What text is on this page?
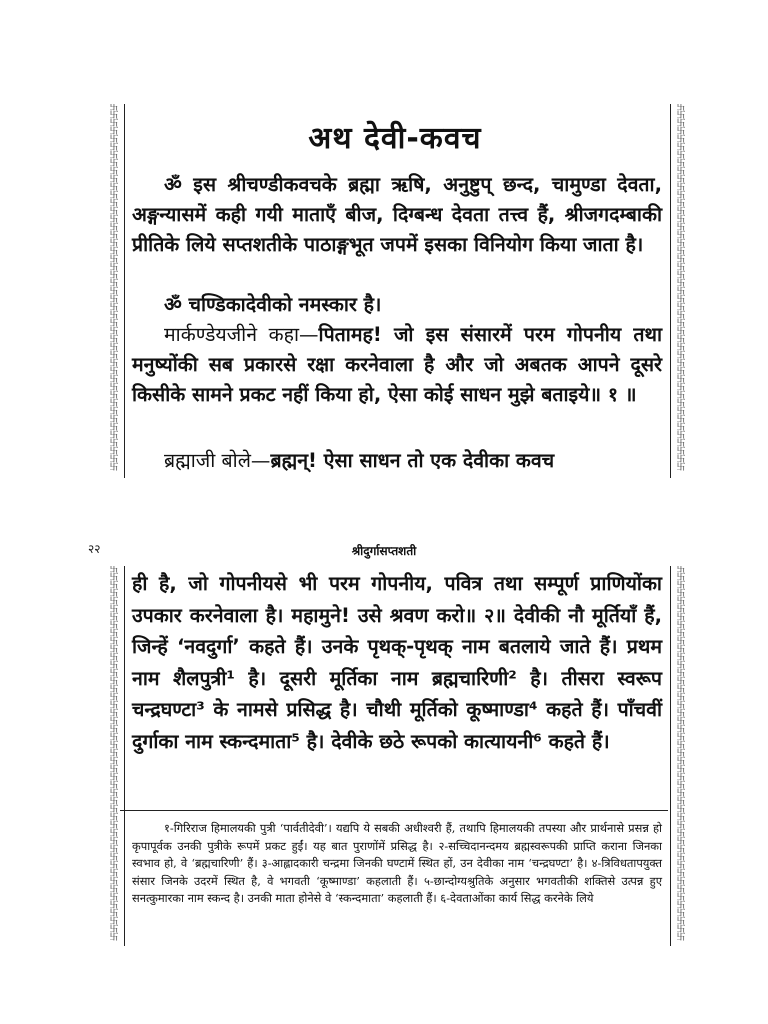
卐
卐
卐
卐
卐
卐
卐
卐
卐
卐
卐
卐
卐
卐
卐
卐
卐
卐
卐
卐
卐
卐
卐
卐
卐
卐
卐
卐
卐
卐
卐
卐
卐
卐
卐
卐
卐
卐
卐
卐
卐
卐
卐
卐
卐
卐
卐
卐
卐
卐
卐
卐
卐
卐
卐
卐
卐
卐
卐
卐
卐
卐
卐
卐
卐
卐
卐
卐
卐
卐
卐
卐
卐
卐
卐
卐
卐
卐
卐
卐
卐
卐
卐
卐
卐
卐
卐
卐
卐
卐
卐
卐
अथ देवी-कवच
ॐ इस श्रीचण्डीकवचके ब्रह्मा ऋषि, अनुष्टुप् छन्द, चामुण्डा देवता, अङ्गन्यासमें कही गयी माताएँ बीज, दिग्बन्ध देवता तत्त्व हैं, श्रीजगदम्बाकी प्रीतिके लिये सप्तशतीके पाठाङ्गभूत जपमें इसका विनियोग किया जाता है।
ॐ चण्डिकादेवीको नमस्कार है।
मार्कण्डेयजीने कहा—पितामह! जो इस संसारमें परम गोपनीय तथा मनुष्योंकी सब प्रकारसे रक्षा करनेवाला है और जो अबतक आपने दूसरे किसीके सामने प्रकट नहीं किया हो, ऐसा कोई साधन मुझे बताइये॥ १ ॥
ब्रह्माजी बोले—ब्रह्मन्! ऐसा साधन तो एक देवीका कवच
२२	श्रीदुर्गासप्तशती
卐
卐
卐
卐
卐
卐
卐
卐
卐
卐
卐
卐
卐
卐
卐
卐
卐
卐
卐
卐
卐
卐
卐
卐
卐
卐
卐
卐
卐
卐
卐
卐
卐
卐
卐
卐
卐
卐
卐
卐
卐
卐
卐
卐
卐
卐
卐
卐
卐
卐
卐
卐
卐
卐
卐
卐
卐
卐
卐
卐
卐
卐
卐
卐
卐
卐
卐
卐
卐
卐
卐
卐
卐
卐
卐
卐
卐
卐
卐
卐
卐
卐
卐
卐
卐
卐
卐
卐
卐
卐
卐
卐
卐
卐
ही है, जो गोपनीयसे भी परम गोपनीय, पवित्र तथा सम्पूर्ण प्राणियोंका उपकार करनेवाला है। महामुने! उसे श्रवण करो॥ २॥ देवीकी नौ मूर्तियाँ हैं, जिन्हें ‘नवदुर्गा’ कहते हैं। उनके पृथक्-पृथक् नाम बतलाये जाते हैं। प्रथम नाम शैलपुत्री¹ है। दूसरी मूर्तिका नाम ब्रह्मचारिणी² है। तीसरा स्वरूप चन्द्रघण्टा³ के नामसे प्रसिद्ध है। चौथी मूर्तिको कूष्माण्डा⁴ कहते हैं। पाँचवीं दुर्गाका नाम स्कन्दमाता⁵ है। देवीके छठे रूपको कात्यायनी⁶ कहते हैं।
१-गिरिराज हिमालयकी पुत्री ‘पार्वतीदेवी’। यद्यपि ये सबकी अधीश्वरी हैं, तथापि हिमालयकी तपस्या और प्रार्थनासे प्रसन्न हो कृपापूर्वक उनकी पुत्रीके रूपमें प्रकट हुईं। यह बात पुराणोंमें प्रसिद्ध है। २-सच्चिदानन्दमय ब्रह्मस्वरूपकी प्राप्ति कराना जिनका स्वभाव हो, वे ‘ब्रह्मचारिणी’ हैं। ३-आह्लादकारी चन्द्रमा जिनकी घण्टामें स्थित हों, उन देवीका नाम ‘चन्द्रघण्टा’ है। ४-त्रिविधतापयुक्त संसार जिनके उदरमें स्थित है, वे भगवती ‘कूष्माण्डा’ कहलाती हैं। ५-छान्दोग्यश्रुतिके अनुसार भगवतीकी शक्तिसे उत्पन्न हुए सनत्कुमारका नाम स्कन्द है। उनकी माता होनेसे वे ‘स्कन्दमाता’ कहलाती हैं। ६-देवताओंका कार्य सिद्ध करनेके लिये
